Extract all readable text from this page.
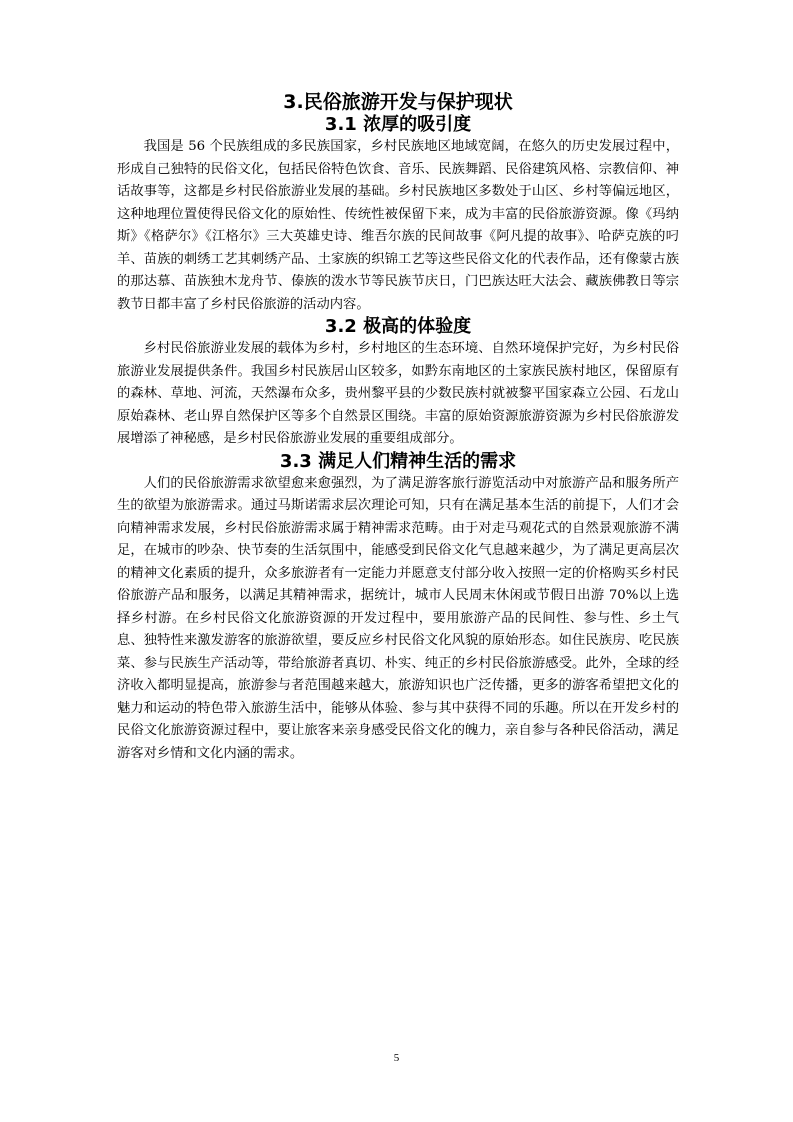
3.民俗旅游开发与保护现状
3.1 浓厚的吸引度

我国是 56 个民族组成的多民族国家，乡村民族地区地域宽阔，在悠久的历史发展过程中，形成自己独特的民俗文化，包括民俗特色饮食、音乐、民族舞蹈、民俗建筑风格、宗教信仰、神话故事等，这都是乡村民俗旅游业发展的基础。乡村民族地区多数处于山区、乡村等偏远地区，这种地理位置使得民俗文化的原始性、传统性被保留下来，成为丰富的民俗旅游资源。像《玛纳斯》《格萨尔》《江格尔》三大英雄史诗、维吾尔族的民间故事《阿凡提的故事》、哈萨克族的叼羊、苗族的刺绣工艺其刺绣产品、土家族的织锦工艺等这些民俗文化的代表作品，还有像蒙古族的那达慕、苗族独木龙舟节、傣族的泼水节等民族节庆日，门巴族达旺大法会、藏族佛教日等宗教节日都丰富了乡村民俗旅游的活动内容。

3.2 极高的体验度

乡村民俗旅游业发展的载体为乡村，乡村地区的生态环境、自然环境保护完好，为乡村民俗旅游业发展提供条件。我国乡村民族居山区较多，如黔东南地区的土家族民族村地区，保留原有的森林、草地、河流，天然瀑布众多，贵州黎平县的少数民族村就被黎平国家森立公园、石龙山原始森林、老山界自然保护区等多个自然景区围绕。丰富的原始资源旅游资源为乡村民俗旅游发展增添了神秘感，是乡村民俗旅游业发展的重要组成部分。

3.3 满足人们精神生活的需求

人们的民俗旅游需求欲望愈来愈强烈，为了满足游客旅行游览活动中对旅游产品和服务所产生的欲望为旅游需求。通过马斯诺需求层次理论可知，只有在满足基本生活的前提下，人们才会向精神需求发展，乡村民俗旅游需求属于精神需求范畴。由于对走马观花式的自然景观旅游不满足，在城市的吵杂、快节奏的生活氛围中，能感受到民俗文化气息越来越少，为了满足更高层次的精神文化素质的提升，众多旅游者有一定能力并愿意支付部分收入按照一定的价格购买乡村民俗旅游产品和服务，以满足其精神需求，据统计，城市人民周末休闲或节假日出游 70%以上选择乡村游。在乡村民俗文化旅游资源的开发过程中，要用旅游产品的民间性、参与性、乡土气息、独特性来激发游客的旅游欲望，要反应乡村民俗文化风貌的原始形态。如住民族房、吃民族菜、参与民族生产活动等，带给旅游者真切、朴实、纯正的乡村民俗旅游感受。此外，全球的经济收入都明显提高，旅游参与者范围越来越大，旅游知识也广泛传播，更多的游客希望把文化的魅力和运动的特色带入旅游生活中，能够从体验、参与其中获得不同的乐趣。所以在开发乡村的民俗文化旅游资源过程中，要让旅客来亲身感受民俗文化的魄力，亲自参与各种民俗活动，满足游客对乡情和文化内涵的需求。

5
